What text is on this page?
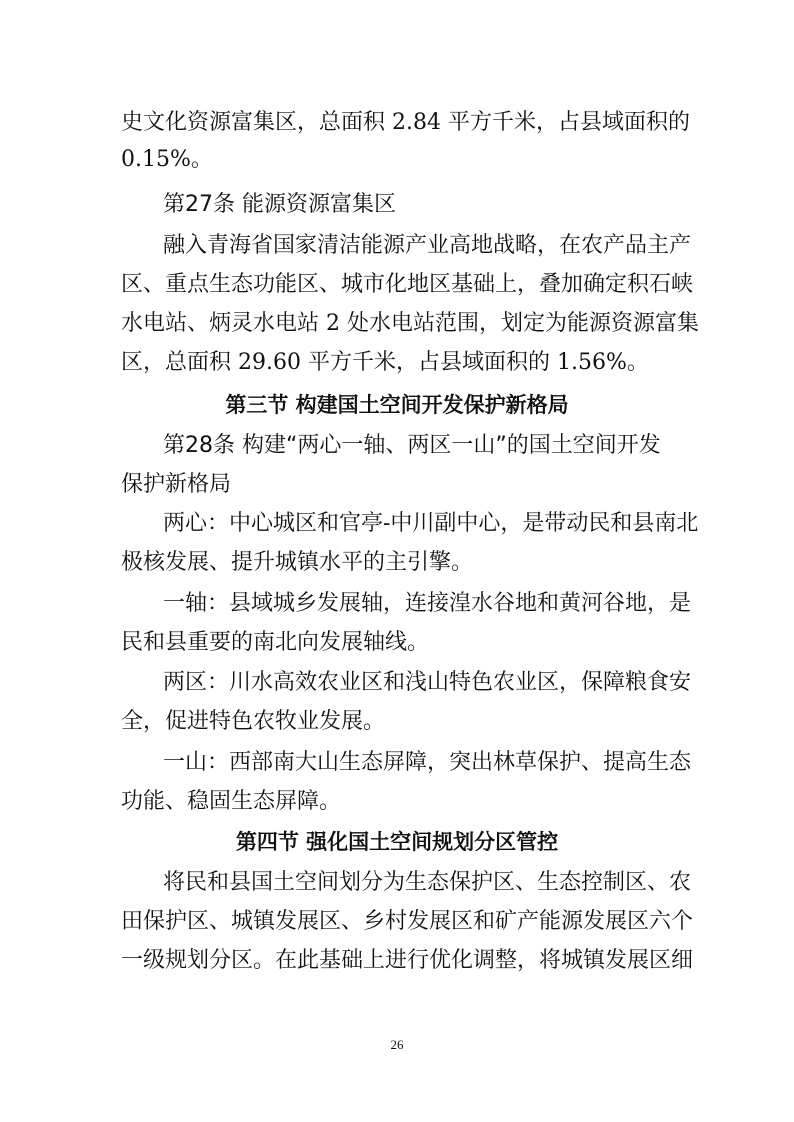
史文化资源富集区，总面积 2.84 平方千米，占县域面积的
0.15%。
第27条 能源资源富集区
融入青海省国家清洁能源产业高地战略，在农产品主产
区、重点生态功能区、城市化地区基础上，叠加确定积石峡
水电站、炳灵水电站 2 处水电站范围，划定为能源资源富集
区，总面积 29.60 平方千米，占县域面积的 1.56%。
第三节 构建国土空间开发保护新格局
第28条 构建“两心一轴、两区一山”的国土空间开发
保护新格局
两心：中心城区和官亭-中川副中心，是带动民和县南北
极核发展、提升城镇水平的主引擎。
一轴：县域城乡发展轴，连接湟水谷地和黄河谷地，是
民和县重要的南北向发展轴线。
两区：川水高效农业区和浅山特色农业区，保障粮食安
全，促进特色农牧业发展。
一山：西部南大山生态屏障，突出林草保护、提高生态
功能、稳固生态屏障。
第四节 强化国土空间规划分区管控
将民和县国土空间划分为生态保护区、生态控制区、农
田保护区、城镇发展区、乡村发展区和矿产能源发展区六个
一级规划分区。在此基础上进行优化调整，将城镇发展区细
26
